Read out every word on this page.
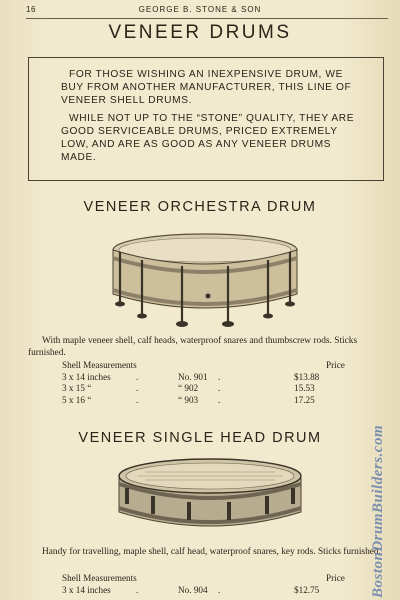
16	GEORGE B. STONE & SON
VENEER DRUMS

FOR THOSE WISHING AN INEXPENSIVE DRUM, WE BUY FROM ANOTHER MANUFACTURER, THIS LINE OF VENEER SHELL DRUMS.

WHILE NOT UP TO THE “STONE” QUALITY, THEY ARE GOOD SERVICEABLE DRUMS, PRICED EXTREMELY LOW, AND ARE AS GOOD AS ANY VENEER DRUMS MADE.

VENEER ORCHESTRA DRUM
With maple veneer shell, calf heads, waterproof snares and thumbscrew rods. Sticks furnished.
Shell Measurements	Price
3 x 14 inches	.	No. 901 .	$13.88
3 x 15 “	.	“ 902 .	15.53
5 x 16 “	.	“ 903 .	17.25
VENEER SINGLE HEAD DRUM
Handy for travelling, maple shell, calf head, waterproof snares, key rods. Sticks furnished.
Shell Measurements	Price
3 x 14 inches	.	No. 904 .	$12.75	BostonDrumBuilders.com
